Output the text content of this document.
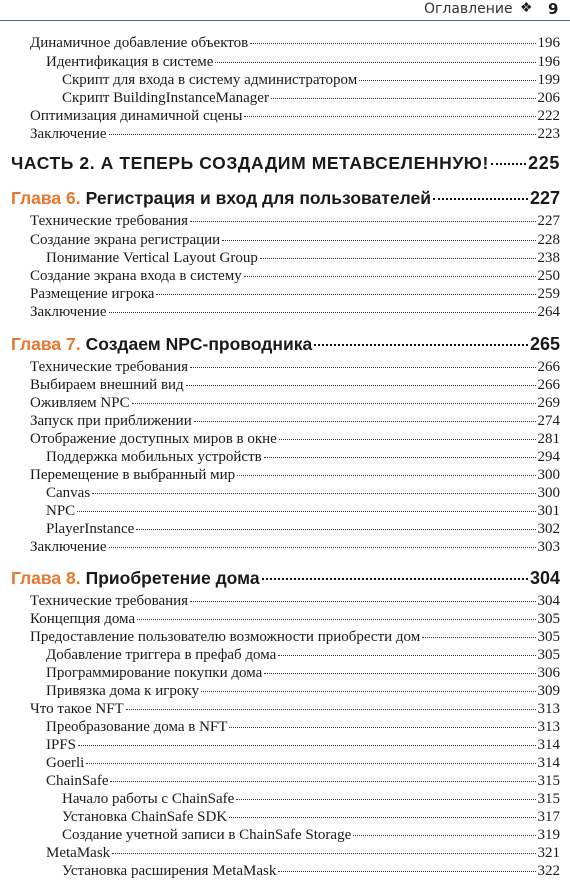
Оглавление ❖ 9
Динамичное добавление объектов	196
Идентификация в системе	196
Скрипт для входа в систему администратором	199
Скрипт BuildingInstanceManager	206
Оптимизация динамичной сцены	222
Заключение	223
ЧАСТЬ 2. А ТЕПЕРЬ СОЗДАДИМ МЕТАВСЕЛЕННУЮ! 225
Глава 6. Регистрация и вход для пользователей	227
Технические требования	227
Создание экрана регистрации	228
Понимание Vertical Layout Group	238
Создание экрана входа в систему	250
Размещение игрока	259
Заключение	264
Глава 7. Создаем NPC-проводника	265
Технические требования	266
Выбираем внешний вид	266
Оживляем NPC	269
Запуск при приближении	274
Отображение доступных миров в окне	281
Поддержка мобильных устройств	294
Перемещение в выбранный мир	300
Canvas	300
NPC	301
PlayerInstance	302
Заключение	303
Глава 8. Приобретение дома	304
Технические требования	304
Концепция дома	305
Предоставление пользователю возможности приобрести дом	305
Добавление триггера в префаб дома	305
Программирование покупки дома	306
Привязка дома к игроку	309
Что такое NFT	313
Преобразование дома в NFT	313
IPFS	314
Goerli	314
ChainSafe	315
Начало работы с ChainSafe	315
Установка ChainSafe SDK	317
Создание учетной записи в ChainSafe Storage	319
MetaMask	321
Установка расширения MetaMask	322
